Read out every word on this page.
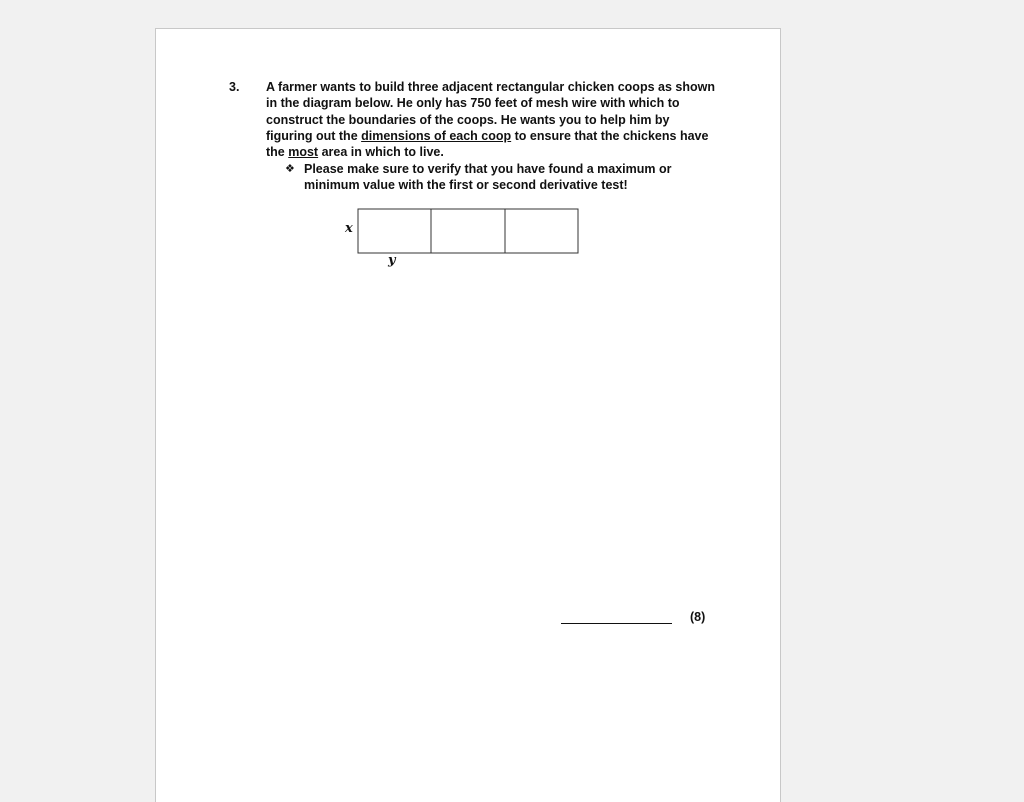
3. A farmer wants to build three adjacent rectangular chicken coops as shown in the diagram below. He only has 750 feet of mesh wire with which to construct the boundaries of the coops. He wants you to help him by figuring out the dimensions of each coop to ensure that the chickens have the most area in which to live.

❖ Please make sure to verify that you have found a maximum or minimum value with the first or second derivative test!
x
y
(8)
